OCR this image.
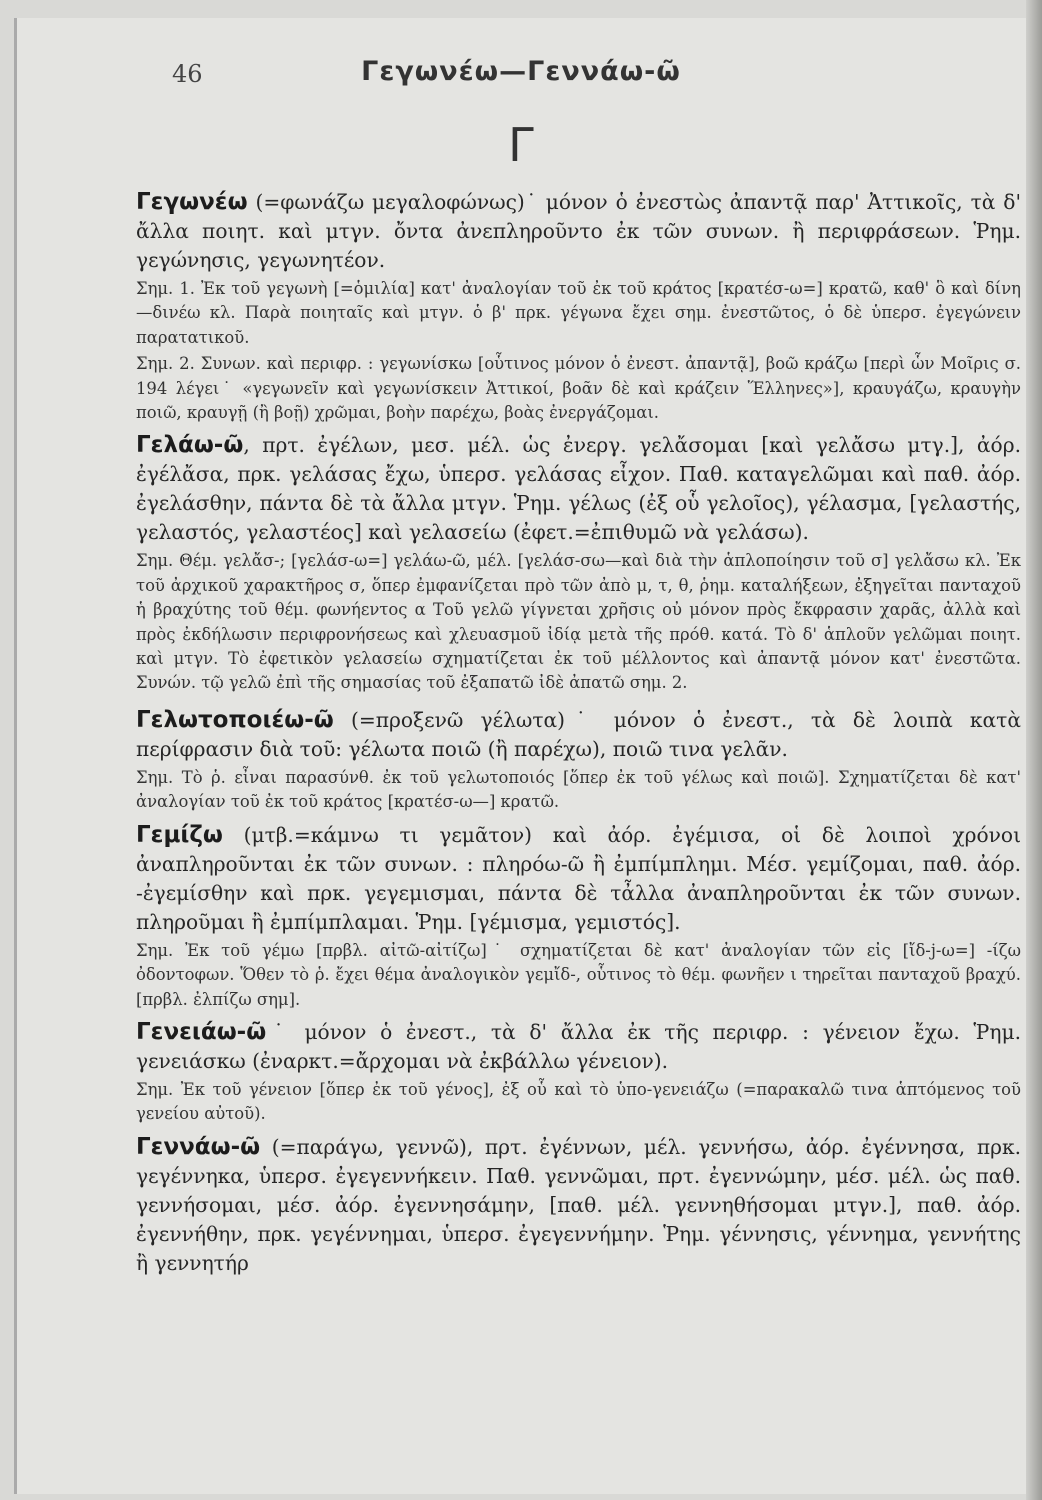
46	Γεγωνέω—Γεννάω-ῶ
Γ

Γεγωνέω (=φωνάζω μεγαλοφώνως)˙ μόνον ὁ ἐνεστὼς ἀπαντᾷ παρ' Ἀττικοῖς, τὰ δ' ἄλλα ποιητ. καὶ μτγν. ὄντα ἀνεπληροῦντο ἐκ τῶν συνων. ἢ περιφράσεων. Ῥημ. γεγώνησις, γεγωνητέον.

Σημ. 1. Ἐκ τοῦ γεγωνὴ [=ὁμιλία] κατ' ἀναλογίαν τοῦ ἐκ τοῦ κράτος [κρατέσ-ω=] κρατῶ, καθ' ὃ καὶ δίνη—δινέω κλ. Παρὰ ποιηταῖς καὶ μτγν. ὁ β' πρκ. γέγωνα ἔχει σημ. ἐνεστῶτος, ὁ δὲ ὑπερσ. ἐγεγώνειν παρατατικοῦ.

Σημ. 2. Συνων. καὶ περιφρ. : γεγωνίσκω [οὗτινος μόνον ὁ ἐνεστ. ἀπαντᾷ], βοῶ κράζω [περὶ ὧν Μοῖρις σ. 194 λέγει˙ «γεγωνεῖν καὶ γεγωνίσκειν Ἀττικοί, βοᾶν δὲ καὶ κράζειν Ἕλληνες»], κραυγάζω, κραυγὴν ποιῶ, κραυγῇ (ἢ βοῇ) χρῶμαι, βοὴν παρέχω, βοὰς ἐνεργάζομαι.

Γελάω-ῶ, πρτ. ἐγέλων, μεσ. μέλ. ὡς ἐνεργ. γελἄσομαι [καὶ γελἄσω μτγ.], ἀόρ. ἐγέλἄσα, πρκ. γελάσας ἔχω, ὑπερσ. γελάσας εἶχον. Παθ. καταγελῶμαι καὶ παθ. ἀόρ. ἐγελάσθην, πάντα δὲ τὰ ἄλλα μτγν. Ῥημ. γέλως (ἐξ οὗ γελοῖος), γέλασμα, [γελαστής, γελαστός, γελαστέος] καὶ γελασείω (ἐφετ.=ἐπιθυμῶ νὰ γελάσω).

Σημ. Θέμ. γελἄσ-; [γελάσ-ω=] γελάω-ῶ, μέλ. [γελάσ-σω—καὶ διὰ τὴν ἁπλοποίησιν τοῦ σ] γελἄσω κλ. Ἐκ τοῦ ἀρχικοῦ χαρακτῆρος σ, ὅπερ ἐμφανίζεται πρὸ τῶν ἀπὸ μ, τ, θ, ῥημ. καταλήξεων, ἐξηγεῖται πανταχοῦ ἡ βραχύτης τοῦ θέμ. φωνήεντος α Τοῦ γελῶ γίγνεται χρῆσις οὐ μόνον πρὸς ἔκφρασιν χαρᾶς, ἀλλὰ καὶ πρὸς ἐκδήλωσιν περιφρονήσεως καὶ χλευασμοῦ ἰδίᾳ μετὰ τῆς πρόθ. κατά. Τὸ δ' ἁπλοῦν γελῶμαι ποιητ. καὶ μτγν. Τὸ ἐφετικὸν γελασείω σχηματίζεται ἐκ τοῦ μέλλοντος καὶ ἀπαντᾷ μόνον κατ' ἐνεστῶτα. Συνών. τῷ γελῶ ἐπὶ τῆς σημασίας τοῦ ἐξαπατῶ ἰδὲ ἀπατῶ σημ. 2.

Γελωτοποιέω-ῶ (=προξενῶ γέλωτα)˙ μόνον ὁ ἐνεστ., τὰ δὲ λοιπὰ κατὰ περίφρασιν διὰ τοῦ: γέλωτα ποιῶ (ἢ παρέχω), ποιῶ τινα γελᾶν.

Σημ. Τὸ ῥ. εἶναι παρασύνθ. ἐκ τοῦ γελωτοποιός [ὅπερ ἐκ τοῦ γέλως καὶ ποιῶ]. Σχηματίζεται δὲ κατ' ἀναλογίαν τοῦ ἐκ τοῦ κράτος [κρατέσ-ω—] κρατῶ.

Γεμίζω (μτβ.=κάμνω τι γεμᾶτον) καὶ ἀόρ. ἐγέμισα, οἱ δὲ λοιποὶ χρόνοι ἀναπληροῦνται ἐκ τῶν συνων. : πληρόω-ῶ ἢ ἐμπίμπλημι. Μέσ. γεμίζομαι, παθ. ἀόρ. -ἐγεμίσθην καὶ πρκ. γεγεμισμαι, πάντα δὲ τἆλλα ἀναπληροῦνται ἐκ τῶν συνων. πληροῦμαι ἢ ἐμπίμπλαμαι. Ῥημ. [γέμισμα, γεμιστός].

Σημ. Ἐκ τοῦ γέμω [πρβλ. αἰτῶ-αἰτίζω]˙ σχηματίζεται δὲ κατ' ἀναλογίαν τῶν εἰς [ἴδ-j-ω=] -ίζω ὀδοντοφων. Ὅθεν τὸ ῥ. ἔχει θέμα ἀναλογικὸν γεμἴδ-, οὗτινος τὸ θέμ. φωνῆεν ι τηρεῖται πανταχοῦ βραχύ. [πρβλ. ἐλπίζω σημ].

Γενειάω-ῶ˙ μόνον ὁ ἐνεστ., τὰ δ' ἄλλα ἐκ τῆς περιφρ. : γένειον ἔχω. Ῥημ. γενειάσκω (ἐναρκτ.=ἄρχομαι νὰ ἐκβάλλω γένειον).

Σημ. Ἐκ τοῦ γένειον [ὅπερ ἐκ τοῦ γένος], ἐξ οὗ καὶ τὸ ὑπο-γενειάζω (=παρακαλῶ τινα ἁπτόμενος τοῦ γενείου αὐτοῦ).

Γεννάω-ῶ (=παράγω, γεννῶ), πρτ. ἐγέννων, μέλ. γεννήσω, ἀόρ. ἐγέννησα, πρκ. γεγέννηκα, ὑπερσ. ἐγεγεννήκειν. Παθ. γεννῶμαι, πρτ. ἐγεννώμην, μέσ. μέλ. ὡς παθ. γεννήσομαι, μέσ. ἀόρ. ἐγεννησάμην, [παθ. μέλ. γεννηθήσομαι μτγν.], παθ. ἀόρ. ἐγεννήθην, πρκ. γεγέννημαι, ὑπερσ. ἐγεγεννήμην. Ῥημ. γέννησις, γέννημα, γεννήτης ἢ γεννητήρ
